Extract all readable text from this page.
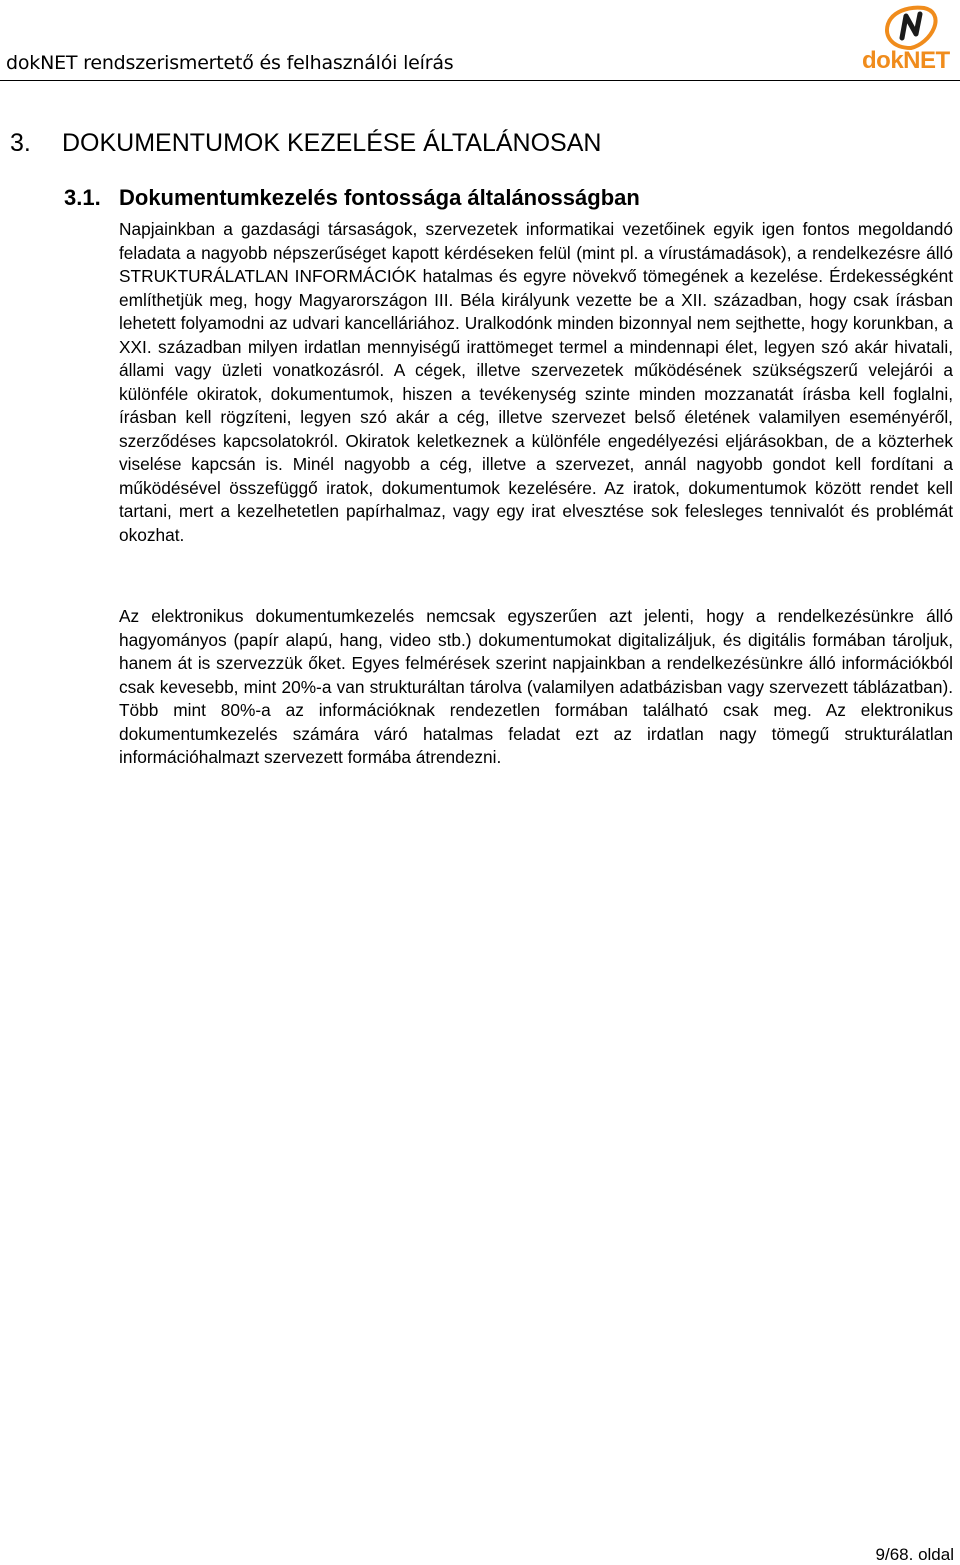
dokNET rendszerismertető és felhasználói leírás	dokNET
3. DOKUMENTUMOK KEZELÉSE ÁLTALÁNOSAN
3.1. Dokumentumkezelés fontossága általánosságban
Napjainkban a gazdasági társaságok, szervezetek informatikai vezetőinek egyik igen fontos megoldandó feladata a nagyobb népszerűséget kapott kérdéseken felül (mint pl. a vírustámadások), a rendelkezésre álló STRUKTURÁLATLAN INFORMÁCIÓK hatalmas és egyre növekvő tömegének a kezelése. Érdekességként említhetjük meg, hogy Magyarországon III. Béla királyunk vezette be a XII. században, hogy csak írásban lehetett folyamodni az udvari kancelláriához. Uralkodónk minden bizonnyal nem sejthette, hogy korunkban, a XXI. században milyen irdatlan mennyiségű irattömeget termel a mindennapi élet, legyen szó akár hivatali, állami vagy üzleti vonatkozásról. A cégek, illetve szervezetek működésének szükségszerű velejárói a különféle okiratok, dokumentumok, hiszen a tevékenység szinte minden mozzanatát írásba kell foglalni, írásban kell rögzíteni, legyen szó akár a cég, illetve szervezet belső életének valamilyen eseményéről, szerződéses kapcsolatokról. Okiratok keletkeznek a különféle engedélyezési eljárásokban, de a közterhek viselése kapcsán is. Minél nagyobb a cég, illetve a szervezet, annál nagyobb gondot kell fordítani a működésével összefüggő iratok, dokumentumok kezelésére. Az iratok, dokumentumok között rendet kell tartani, mert a kezelhetetlen papírhalmaz, vagy egy irat elvesztése sok felesleges tennivalót és problémát okozhat.
Az elektronikus dokumentumkezelés nemcsak egyszerűen azt jelenti, hogy a rendelkezésünkre álló hagyományos (papír alapú, hang, video stb.) dokumentumokat digitalizáljuk, és digitális formában tároljuk, hanem át is szervezzük őket. Egyes felmérések szerint napjainkban a rendelkezésünkre álló információkból csak kevesebb, mint 20%-a van strukturáltan tárolva (valamilyen adatbázisban vagy szervezett táblázatban). Több mint 80%-a az információknak rendezetlen formában található csak meg. Az elektronikus dokumentumkezelés számára váró hatalmas feladat ezt az irdatlan nagy tömegű strukturálatlan információhalmazt szervezett formába átrendezni.
9/68. oldal
